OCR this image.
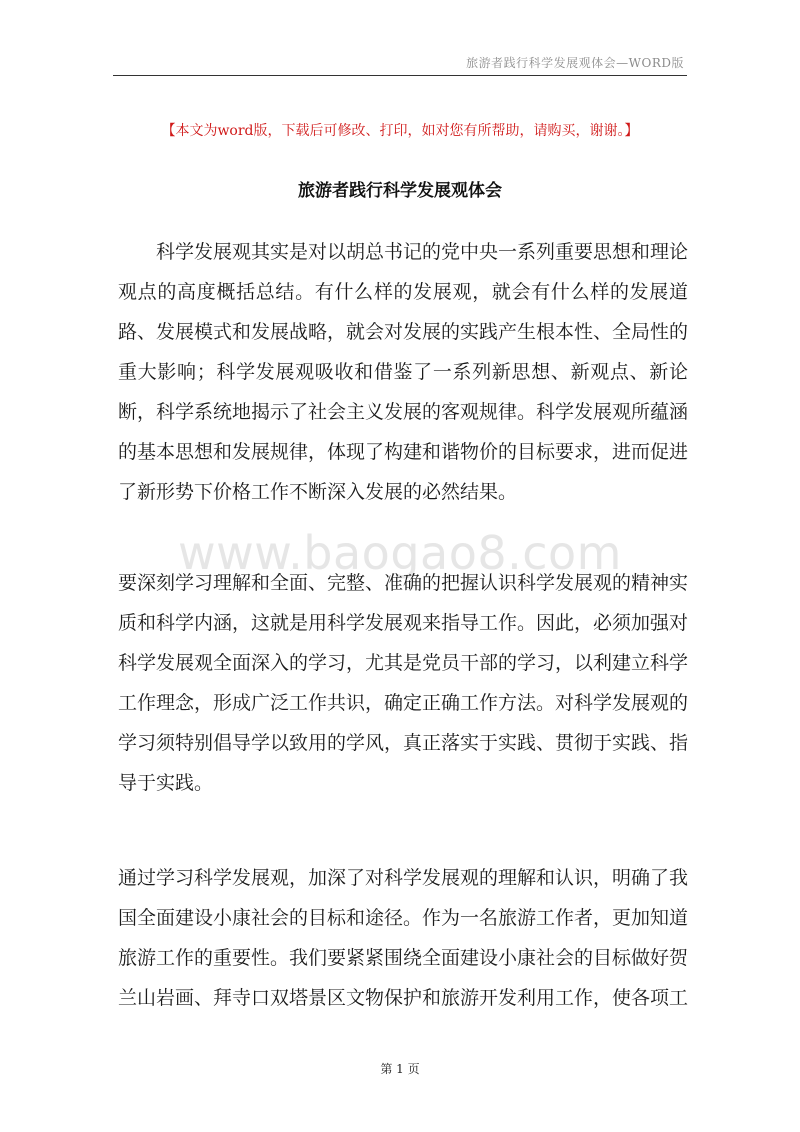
旅游者践行科学发展观体会—WORD版
【本文为word版，下载后可修改、打印，如对您有所帮助，请购买，谢谢。】
旅游者践行科学发展观体会

科学发展观其实是对以胡总书记的党中央一系列重要思想和理论观点的高度概括总结。有什么样的发展观，就会有什么样的发展道路、发展模式和发展战略，就会对发展的实践产生根本性、全局性的重大影响；科学发展观吸收和借鉴了一系列新思想、新观点、新论断，科学系统地揭示了社会主义发展的客观规律。科学发展观所蕴涵的基本思想和发展规律，体现了构建和谐物价的目标要求，进而促进了新形势下价格工作不断深入发展的必然结果。

www.baogao8.com

要深刻学习理解和全面、完整、准确的把握认识科学发展观的精神实质和科学内涵，这就是用科学发展观来指导工作。因此，必须加强对科学发展观全面深入的学习，尤其是党员干部的学习，以利建立科学工作理念，形成广泛工作共识，确定正确工作方法。对科学发展观的学习须特别倡导学以致用的学风，真正落实于实践、贯彻于实践、指导于实践。

通过学习科学发展观，加深了对科学发展观的理解和认识，明确了我国全面建设小康社会的目标和途径。作为一名旅游工作者，更加知道旅游工作的重要性。我们要紧紧围绕全面建设小康社会的目标做好贺兰山岩画、拜寺口双塔景区文物保护和旅游开发利用工作，使各项工

第 1 页
